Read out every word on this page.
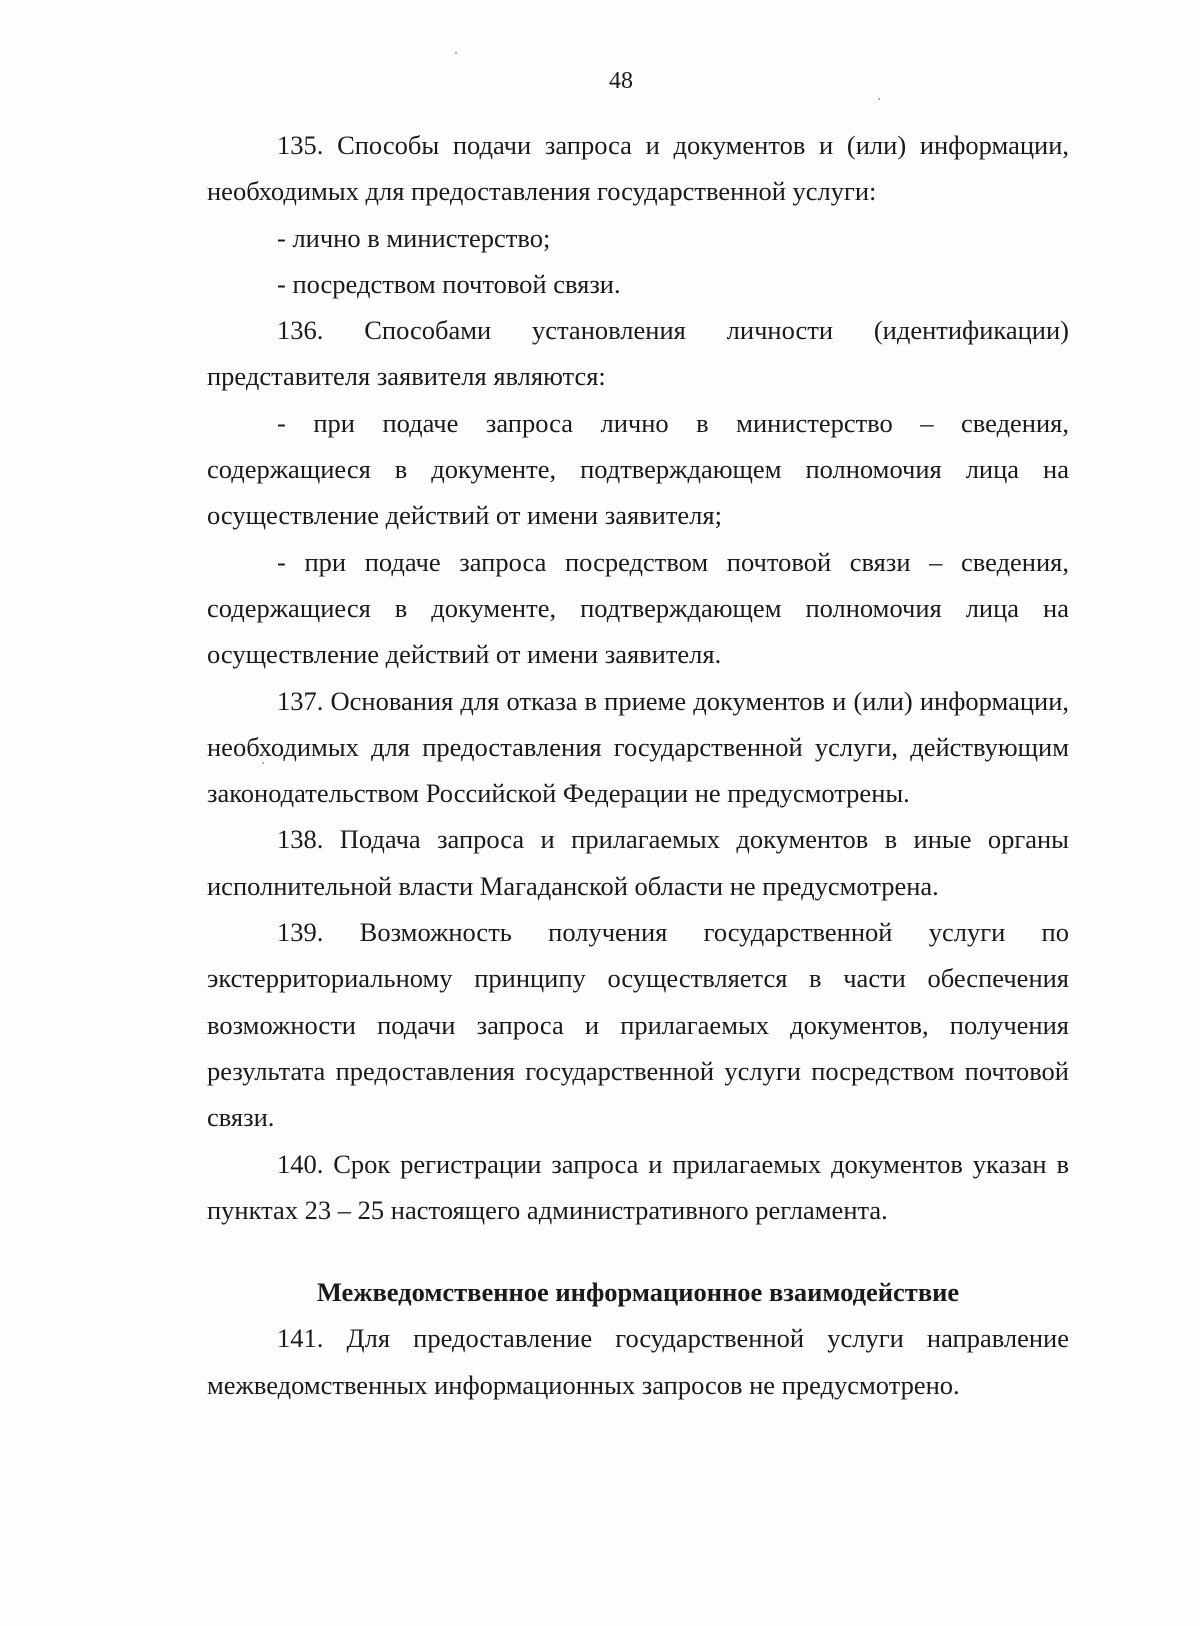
48

135. Способы подачи запроса и документов и (или) информации, необходимых для предоставления государственной услуги:

- лично в министерство;

- посредством почтовой связи.

136. Способами установления личности (идентификации) представителя заявителя являются:

- при подаче запроса лично в министерство – сведения, содержащиеся в документе, подтверждающем полномочия лица на осуществление действий от имени заявителя;

- при подаче запроса посредством почтовой связи – сведения, содержащиеся в документе, подтверждающем полномочия лица на осуществление действий от имени заявителя.

137. Основания для отказа в приеме документов и (или) информации, необходимых для предоставления государственной услуги, действующим законодательством Российской Федерации не предусмотрены.

138. Подача запроса и прилагаемых документов в иные органы исполнительной власти Магаданской области не предусмотрена.

139. Возможность получения государственной услуги по экстерриториальному принципу осуществляется в части обеспечения возможности подачи запроса и прилагаемых документов, получения результата предоставления государственной услуги посредством почтовой связи.

140. Срок регистрации запроса и прилагаемых документов указан в пунктах 23 – 25 настоящего административного регламента.

Межведомственное информационное взаимодействие

141. Для предоставление государственной услуги направление межведомственных информационных запросов не предусмотрено.
